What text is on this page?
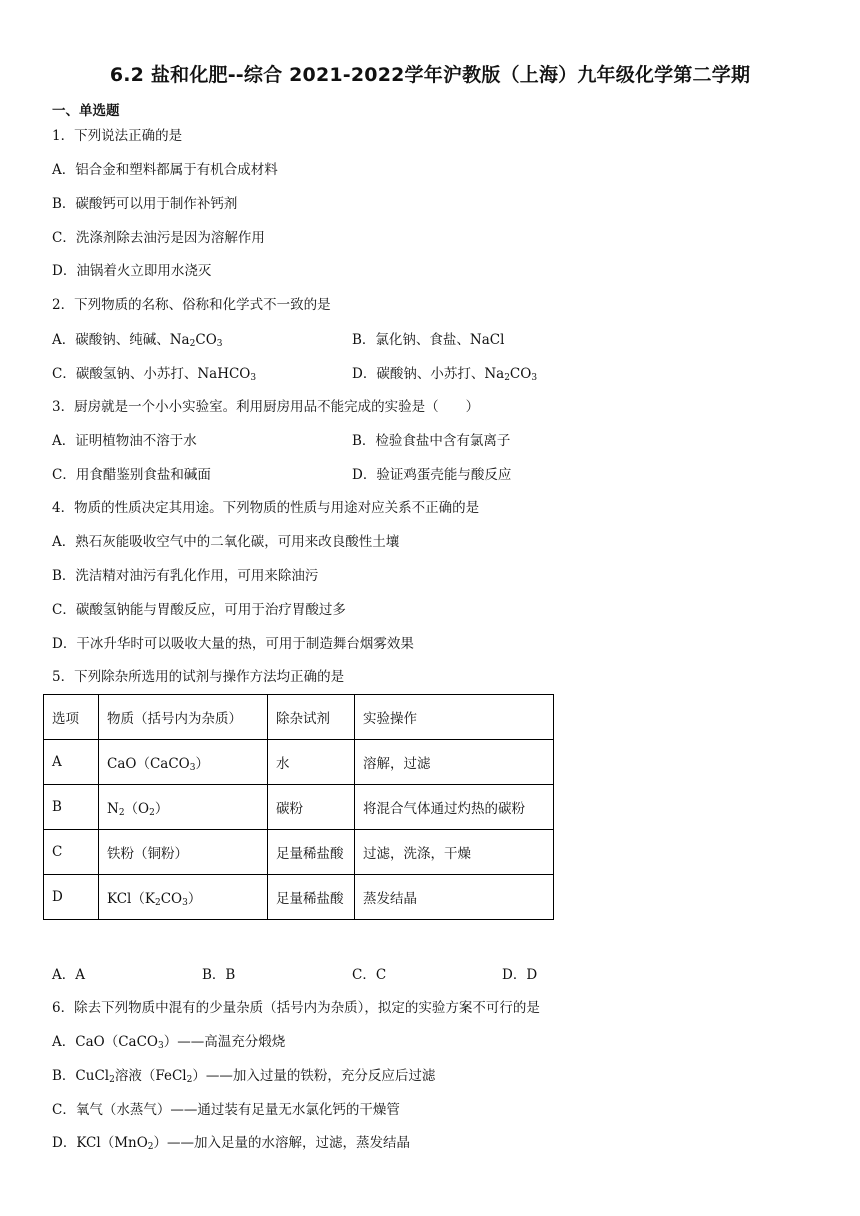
6.2 盐和化肥--综合 2021-2022学年沪教版（上海）九年级化学第二学期
一、单选题
1．下列说法正确的是
A．铝合金和塑料都属于有机合成材料
B．碳酸钙可以用于制作补钙剂
C．洗涤剂除去油污是因为溶解作用
D．油锅着火立即用水浇灭
2．下列物质的名称、俗称和化学式不一致的是
A．碳酸钠、纯碱、$Na_2CO_3$	B．氯化钠、食盐、NaCl
C．碳酸氢钠、小苏打、NaHCO$_3$	D．碳酸钠、小苏打、$Na_2CO_3$
3．厨房就是一个小小实验室。利用厨房用品不能完成的实验是（　　）
A．证明植物油不溶于水	B．检验食盐中含有氯离子
C．用食醋鉴别食盐和碱面	D．验证鸡蛋壳能与酸反应
4．物质的性质决定其用途。下列物质的性质与用途对应关系不正确的是
A．熟石灰能吸收空气中的二氧化碳，可用来改良酸性土壤
B．洗洁精对油污有乳化作用，可用来除油污
C．碳酸氢钠能与胃酸反应，可用于治疗胃酸过多
D．干冰升华时可以吸收大量的热，可用于制造舞台烟雾效果
5．下列除杂所选用的试剂与操作方法均正确的是
选项	物质（括号内为杂质）	除杂试剂	实验操作
A	CaO（CaCO$_3$）	水	溶解，过滤
B	$N_2(O_2)$	碳粉	将混合气体通过灼热的碳粉
C	铁粉（铜粉）	足量稀盐酸	过滤，洗涤，干燥
D	$KCl(K_2CO_3)$	足量稀盐酸	蒸发结晶
A．A	B．B	C．C	D．D
6．除去下列物质中混有的少量杂质（括号内为杂质），拟定的实验方案不可行的是
A．CaO（CaCO$_3$）——高温充分煅烧
B．CuCl$_2$溶液（FeCl$_2$）——加入过量的铁粉，充分反应后过滤
C．氧气（水蒸气）——通过装有足量无水氯化钙的干燥管
D．KCl（MnO$_2$）——加入足量的水溶解，过滤，蒸发结晶
